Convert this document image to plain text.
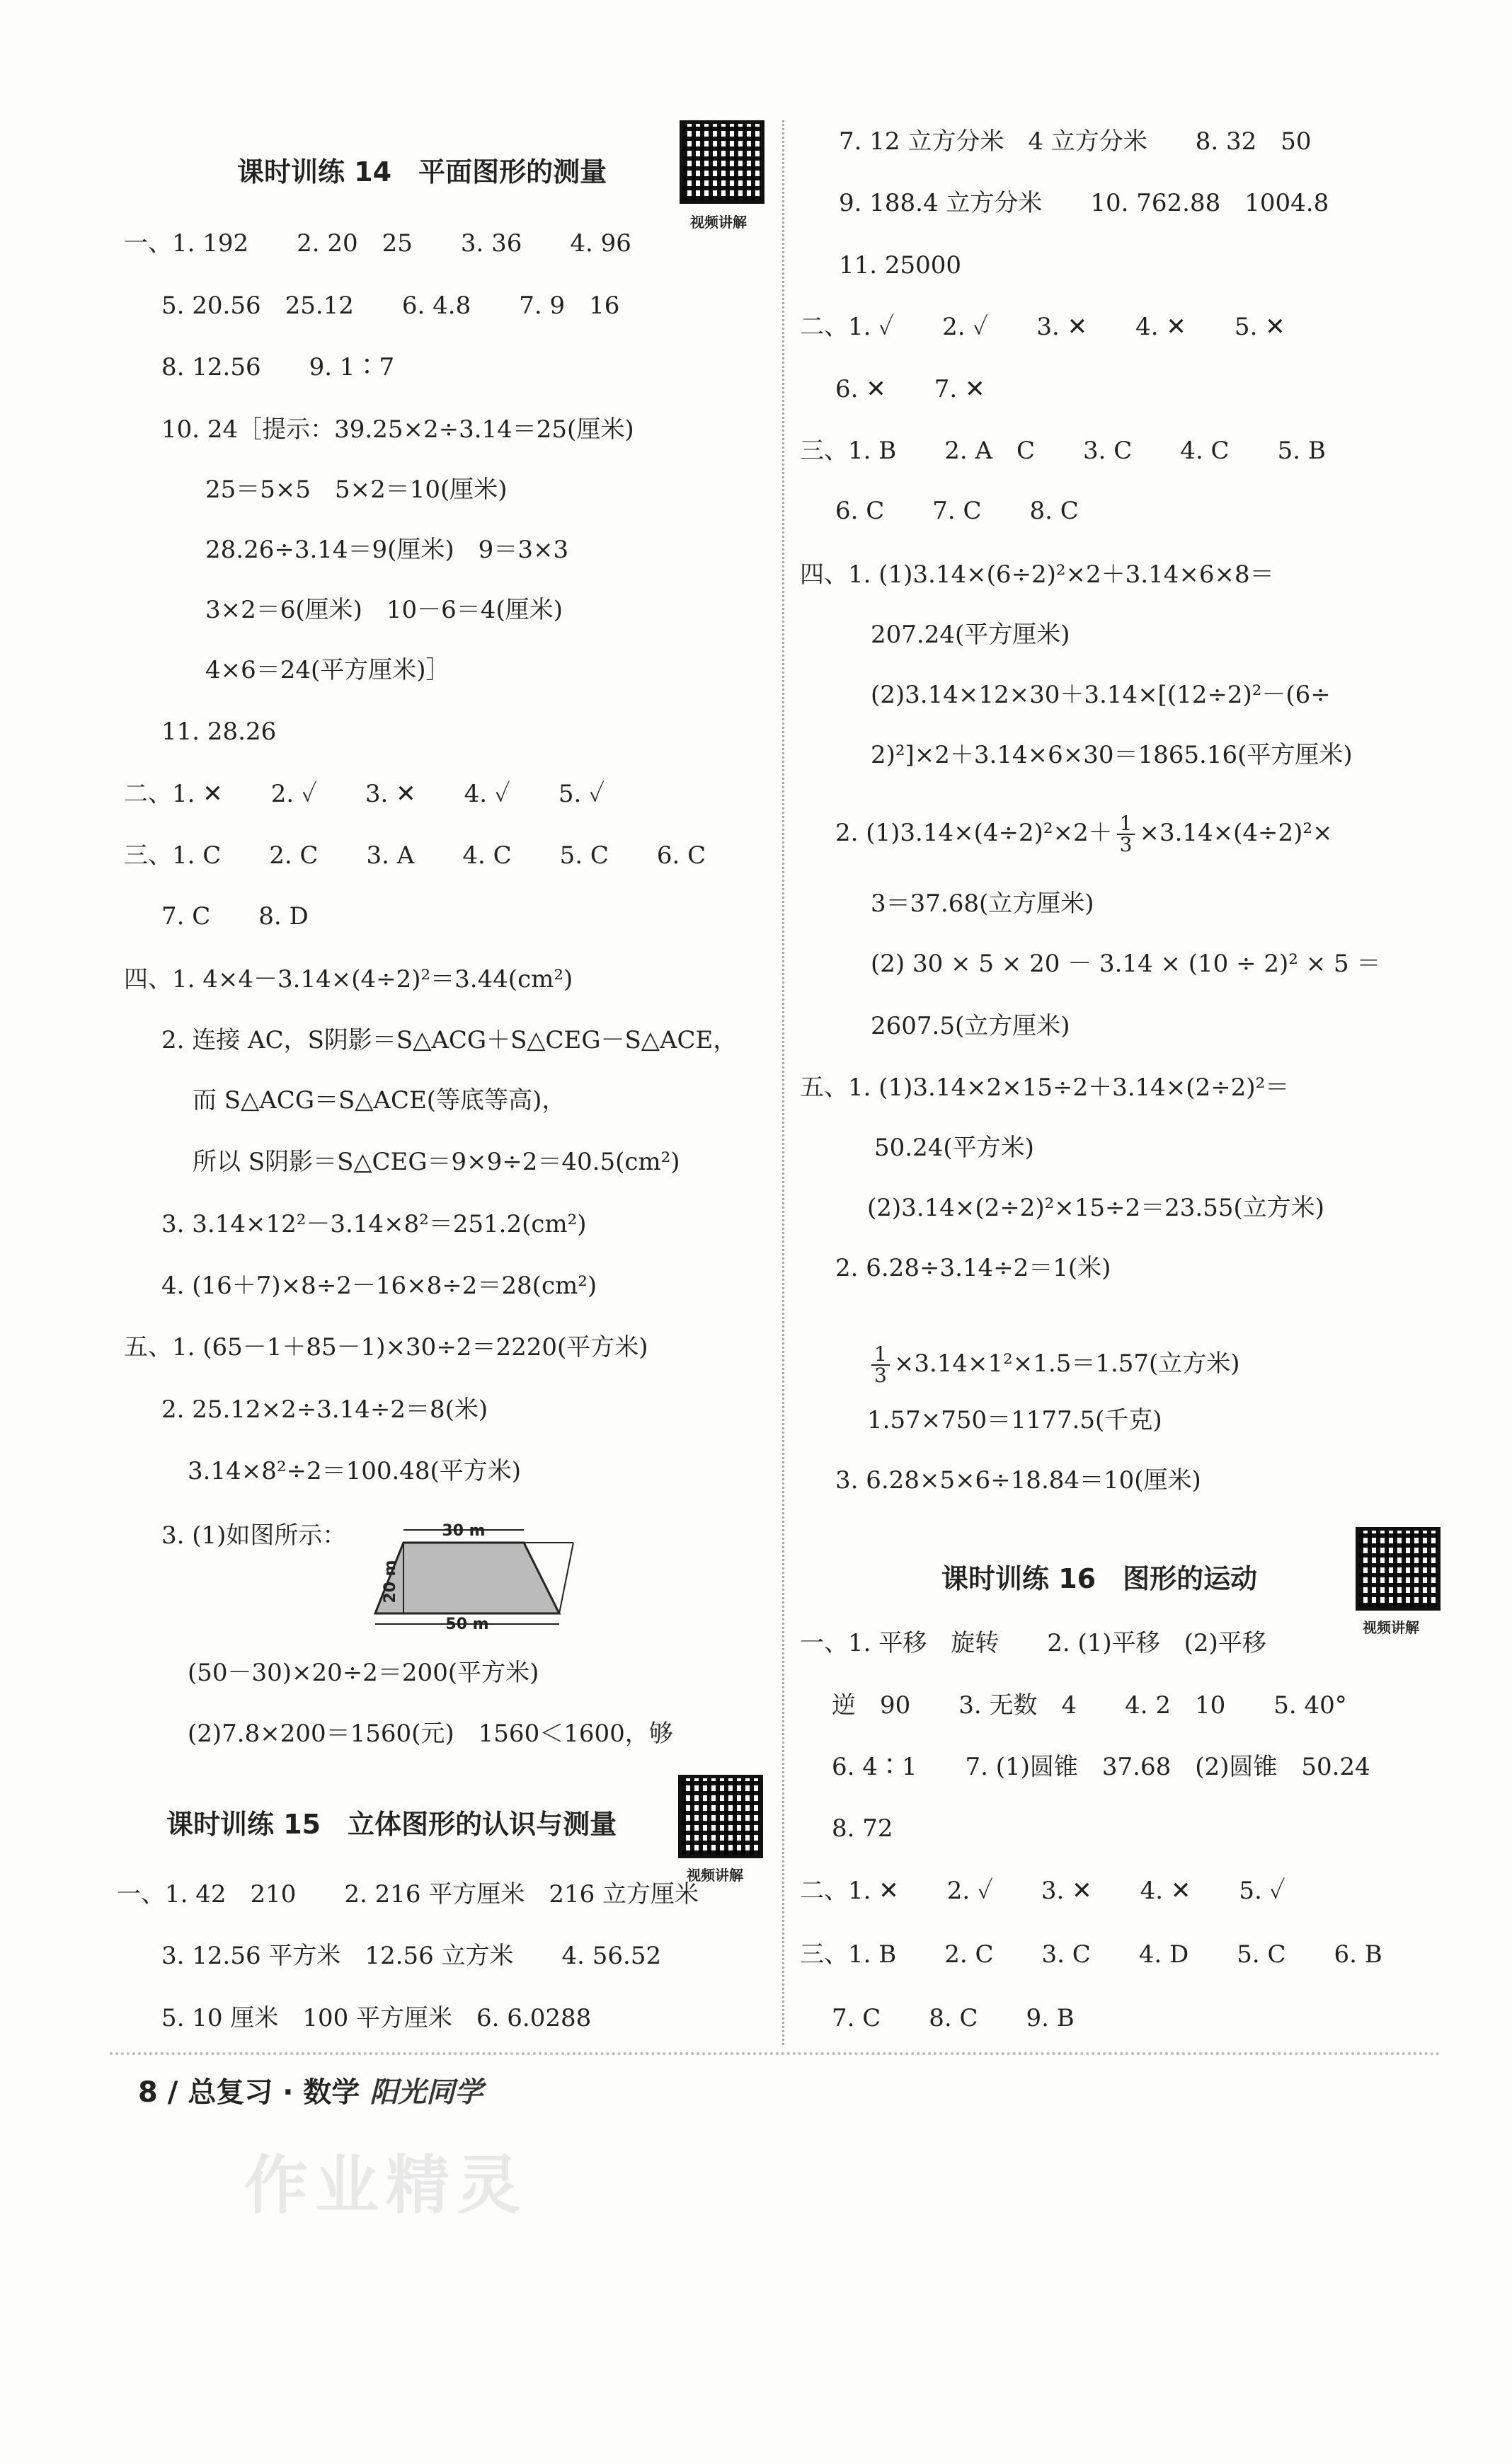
课时训练 14　平面图形的测量
视频讲解
一、1. 192　　2. 20　25　　3. 36　　4. 96
5. 20.56　25.12　　6. 4.8　　7. 9　16
8. 12.56　　9. 1∶7
10. 24［提示：39.25×2÷3.14＝25(厘米)
25＝5×5　5×2＝10(厘米)
28.26÷3.14＝9(厘米)　9＝3×3
3×2＝6(厘米)　10－6＝4(厘米)
4×6＝24(平方厘米)］
11. 28.26
二、1. ✕　　2. ✓　　3. ✕　　4. ✓　　5. ✓
三、1. C　　2. C　　3. A　　4. C　　5. C　　6. C
7. C　　8. D
四、1. 4×4－3.14×(4÷2)²＝3.44(cm²)
2. 连接 AC，S阴影＝S△ACG＋S△CEG－S△ACE，
而 S△ACG＝S△ACE(等底等高)，
所以 S阴影＝S△CEG＝9×9÷2＝40.5(cm²)
3. 3.14×12²－3.14×8²＝251.2(cm²)
4. (16＋7)×8÷2－16×8÷2＝28(cm²)
五、1. (65－1＋85－1)×30÷2＝2220(平方米)
2. 25.12×2÷3.14÷2＝8(米)
3.14×8²÷2＝100.48(平方米)
3. (1)如图所示：
(50－30)×20÷2＝200(平方米)
(2)7.8×200＝1560(元)　1560＜1600，够
30 m
20 m
50 m
课时训练 15　立体图形的认识与测量
视频讲解
一、1. 42　210　　2. 216 平方厘米　216 立方厘米
3. 12.56 平方米　12.56 立方米　　4. 56.52
5. 10 厘米　100 平方厘米　6. 6.0288
7. 12 立方分米　4 立方分米　　8. 32　50
9. 188.4 立方分米　　10. 762.88　1004.8
11. 25000
二、1. ✓　　2. ✓　　3. ✕　　4. ✕　　5. ✕
6. ✕　　7. ✕
三、1. B　　2. A　C　　3. C　　4. C　　5. B
6. C　　7. C　　8. C
四、1. (1)3.14×(6÷2)²×2＋3.14×6×8＝
207.24(平方厘米)
(2)3.14×12×30＋3.14×[(12÷2)²－(6÷
2)²]×2＋3.14×6×30＝1865.16(平方厘米)
3＝37.68(立方厘米)
(2) 30 × 5 × 20 － 3.14 × (10 ÷ 2)² × 5 ＝
2607.5(立方厘米)
五、1. (1)3.14×2×15÷2＋3.14×(2÷2)²＝
50.24(平方米)
(2)3.14×(2÷2)²×15÷2＝23.55(立方米)
2. 6.28÷3.14÷2＝1(米)
1.57×750＝1177.5(千克)
3. 6.28×5×6÷18.84＝10(厘米)
2. $(1)3.14\times(4\div 2)^2\times 2+ \frac{1}{3} \times 3.14\times(4\div 2)^2\times$
$\frac{1}{3} \times 3.14\times 1^2\times 1.5=1.57$(立方米)
课时训练 16　图形的运动
视频讲解
一、1. 平移　旋转　　2. (1)平移　(2)平移
逆　90　　3. 无数　4　　4. 2　10　　5. 40°
6. 4∶1　　7. (1)圆锥　37.68　(2)圆锥　50.24
8. 72
二、1. ✕　　2. ✓　　3. ✕　　4. ✕　　5. ✓
三、1. B　　2. C　　3. C　　4. D　　5. C　　6. B
7. C　　8. C　　9. B
8 / 总复习 · 数学 阳光同学
作业精灵
